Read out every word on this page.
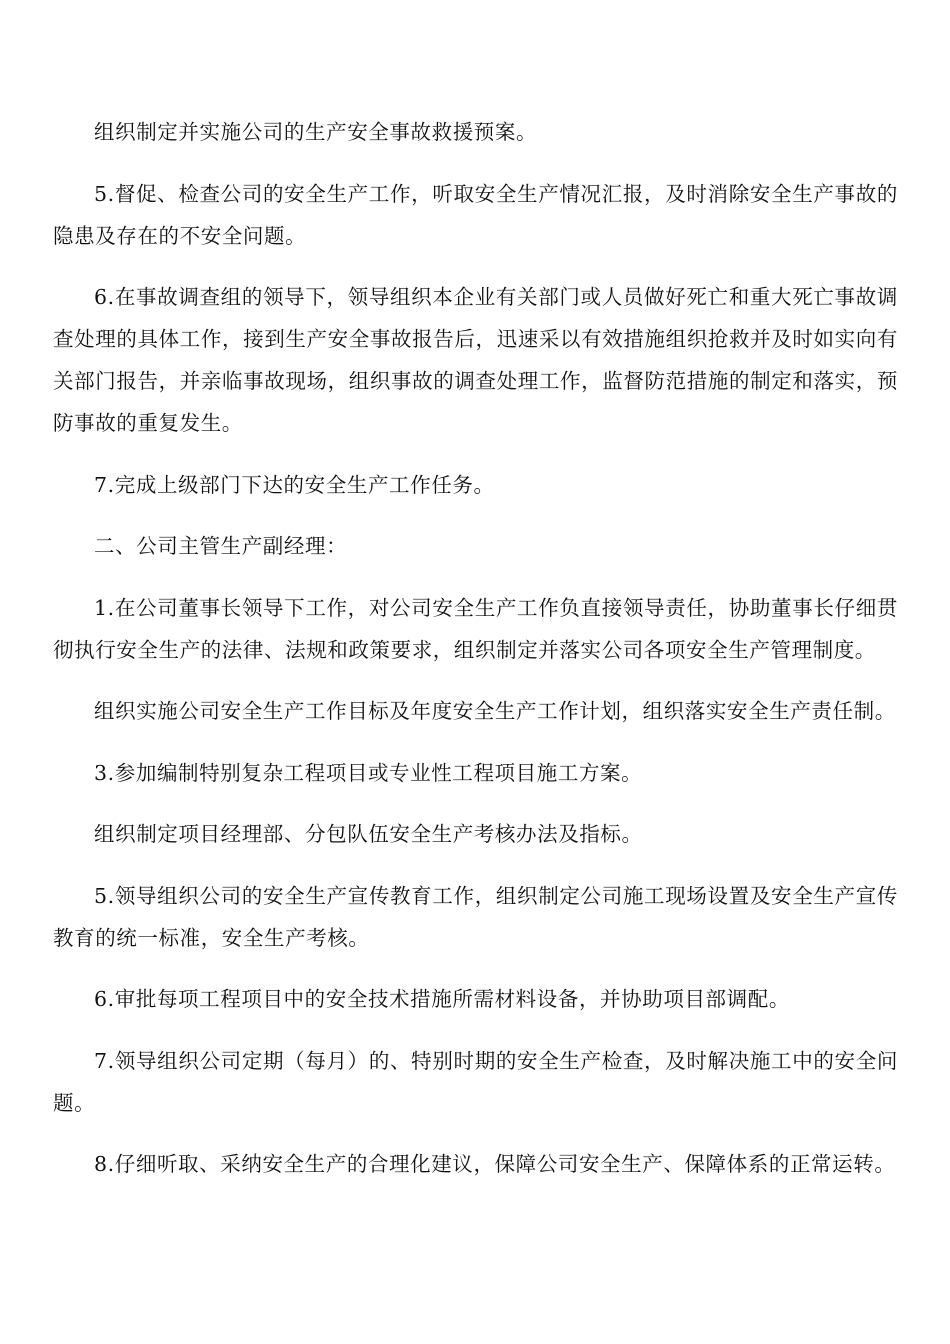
组织制定并实施公司的生产安全事故救援预案。

5.督促、检查公司的安全生产工作，听取安全生产情况汇报，及时消除安全生产事故的隐患及存在的不安全问题。

6.在事故调查组的领导下，领导组织本企业有关部门或人员做好死亡和重大死亡事故调查处理的具体工作，接到生产安全事故报告后，迅速采以有效措施组织抢救并及时如实向有关部门报告，并亲临事故现场，组织事故的调查处理工作，监督防范措施的制定和落实，预防事故的重复发生。

7.完成上级部门下达的安全生产工作任务。

二、公司主管生产副经理：

1.在公司董事长领导下工作，对公司安全生产工作负直接领导责任，协助董事长仔细贯彻执行安全生产的法律、法规和政策要求，组织制定并落实公司各项安全生产管理制度。

组织实施公司安全生产工作目标及年度安全生产工作计划，组织落实安全生产责任制。

3.参加编制特别复杂工程项目或专业性工程项目施工方案。

组织制定项目经理部、分包队伍安全生产考核办法及指标。

5.领导组织公司的安全生产宣传教育工作，组织制定公司施工现场设置及安全生产宣传教育的统一标准，安全生产考核。

6.审批每项工程项目中的安全技术措施所需材料设备，并协助项目部调配。

7.领导组织公司定期（每月）的、特别时期的安全生产检查，及时解决施工中的安全问题。

8.仔细听取、采纳安全生产的合理化建议，保障公司安全生产、保障体系的正常运转。
